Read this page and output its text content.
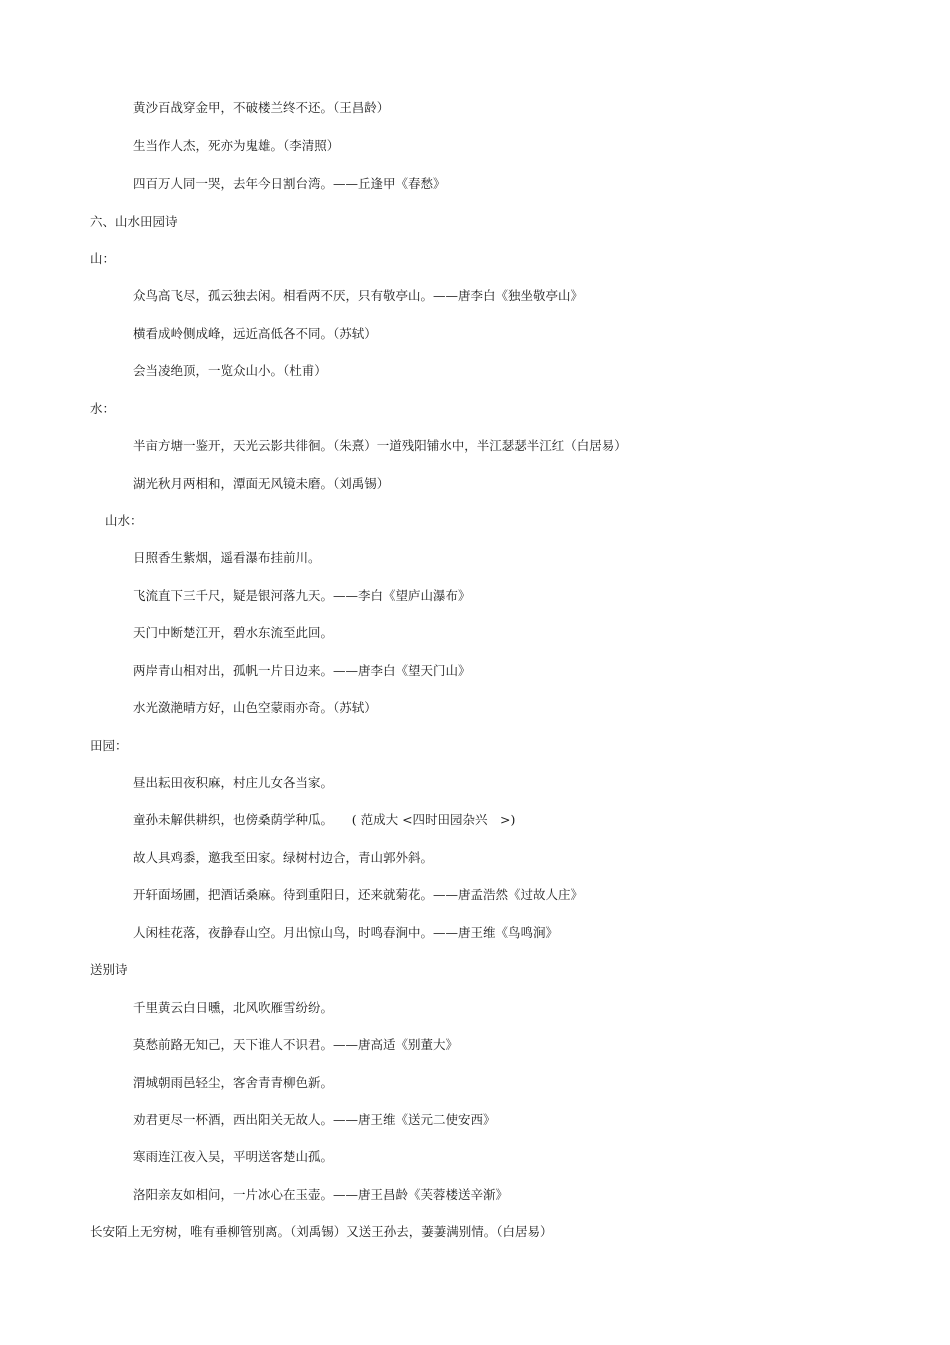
黄沙百战穿金甲，不破楼兰终不还。（王昌龄）
生当作人杰，死亦为鬼雄。（李清照）
四百万人同一哭，去年今日割台湾。——丘逢甲《春愁》
六、山水田园诗
山：
众鸟高飞尽，孤云独去闲。相看两不厌，只有敬亭山。——唐李白《独坐敬亭山》
横看成岭侧成峰，远近高低各不同。（苏轼）
会当凌绝顶，一览众山小。（杜甫）
水：
半亩方塘一鉴开，天光云影共徘徊。（朱熹）一道残阳铺水中，半江瑟瑟半江红（白居易）
湖光秋月两相和，潭面无风镜未磨。（刘禹锡）
山水：
日照香生紫烟，遥看瀑布挂前川。
飞流直下三千尺，疑是银河落九天。——李白《望庐山瀑布》
天门中断楚江开，碧水东流至此回。
两岸青山相对出，孤帆一片日边来。——唐李白《望天门山》
水光潋滟晴方好，山色空蒙雨亦奇。（苏轼）
田园：
昼出耘田夜积麻，村庄儿女各当家。
童孙未解供耕织，也傍桑荫学种瓜。　　( 范成大 <四时田园杂兴　>)
故人具鸡黍，邀我至田家。绿树村边合，青山郭外斜。
开轩面场圃，把酒话桑麻。待到重阳日，还来就菊花。——唐孟浩然《过故人庄》
人闲桂花落，夜静春山空。月出惊山鸟，时鸣春涧中。——唐王维《鸟鸣涧》
送别诗
千里黄云白日曛，北风吹雁雪纷纷。
莫愁前路无知己，天下谁人不识君。——唐高适《别董大》
渭城朝雨邑轻尘，客舍青青柳色新。
劝君更尽一杯酒，西出阳关无故人。——唐王维《送元二使安西》
寒雨连江夜入吴，平明送客楚山孤。
洛阳亲友如相问，一片冰心在玉壶。——唐王昌龄《芙蓉楼送辛渐》
长安陌上无穷树，唯有垂柳管别离。（刘禹锡）又送王孙去，萋萋满别情。（白居易）
